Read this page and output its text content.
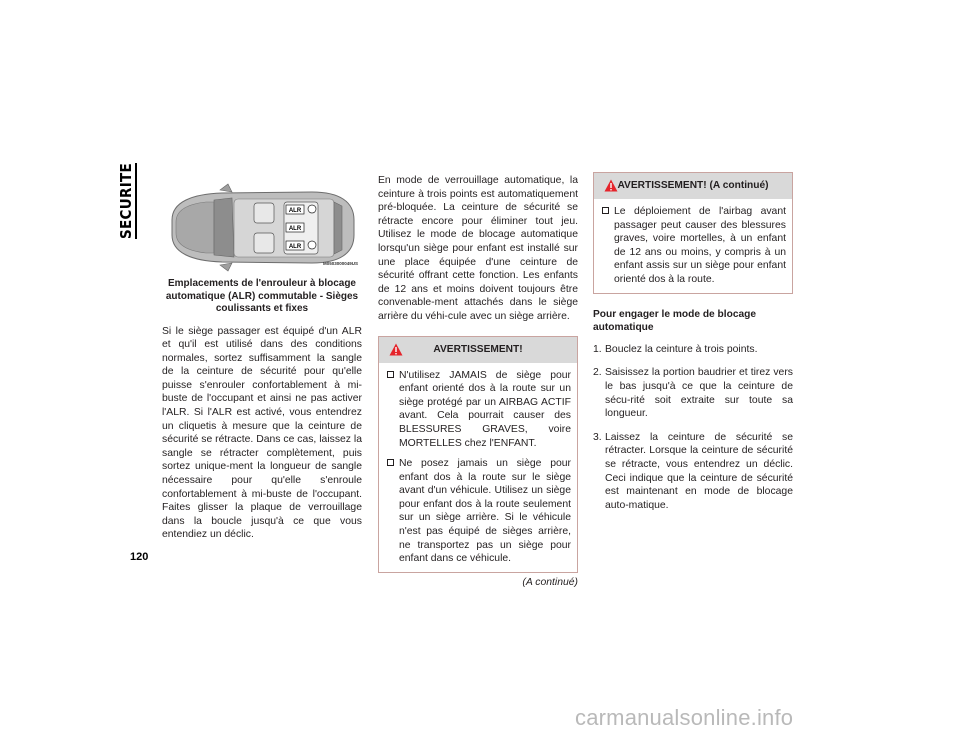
SECURITE
120
ALR
ALR
ALR
M0503000049US
Emplacements de l'enrouleur à blocage automatique (ALR) commutable - Sièges coulissants et fixes

Si le siège passager est équipé d'un ALR et qu'il est utilisé dans des conditions normales, sortez suffisamment la sangle de la ceinture de sécurité pour qu'elle puisse s'enrouler confortablement à mi-buste de l'occupant et ainsi ne pas activer l'ALR. Si l'ALR est activé, vous entendrez un cliquetis à mesure que la ceinture de sécurité se rétracte. Dans ce cas, laissez la sangle se rétracter complètement, puis sortez unique-ment la longueur de sangle nécessaire pour qu'elle s'enroule confortablement à mi-buste de l'occupant. Faites glisser la plaque de verrouillage dans la boucle jusqu'à ce que vous entendiez un déclic.

En mode de verrouillage automatique, la ceinture à trois points est automatiquement pré-bloquée. La ceinture de sécurité se rétracte encore pour éliminer tout jeu. Utilisez le mode de blocage automatique lorsqu'un siège pour enfant est installé sur une place équipée d'une ceinture de sécurité offrant cette fonction. Les enfants de 12 ans et moins doivent toujours être convenable-ment attachés dans le siège arrière du véhi-cule avec un siège arrière.

AVERTISSEMENT!
N'utilisez JAMAIS de siège pour enfant orienté dos à la route sur un siège protégé par un AIRBAG ACTIF avant. Cela pourrait causer des BLESSURES GRAVES, voire MORTELLES chez l'ENFANT.
Ne posez jamais un siège pour enfant dos à la route sur le siège avant d'un véhicule. Utilisez un siège pour enfant dos à la route seulement sur un siège arrière. Si le véhicule n'est pas équipé de sièges arrière, ne transportez pas un siège pour enfant dans ce véhicule.
(A continué)
AVERTISSEMENT! (A continué)
Le déploiement de l'airbag avant passager peut causer des blessures graves, voire mortelles, à un enfant de 12 ans ou moins, y compris à un enfant assis sur un siège pour enfant orienté dos à la route.
Pour engager le mode de blocage automatique
1. Bouclez la ceinture à trois points.
2. Saisissez la portion baudrier et tirez vers le bas jusqu'à ce que la ceinture de sécu-rité soit extraite sur toute sa longueur.
3. Laissez la ceinture de sécurité se rétracter. Lorsque la ceinture de sécurité se rétracte, vous entendrez un déclic. Ceci indique que la ceinture de sécurité est maintenant en mode de blocage auto-matique.
carmanualsonline.info
